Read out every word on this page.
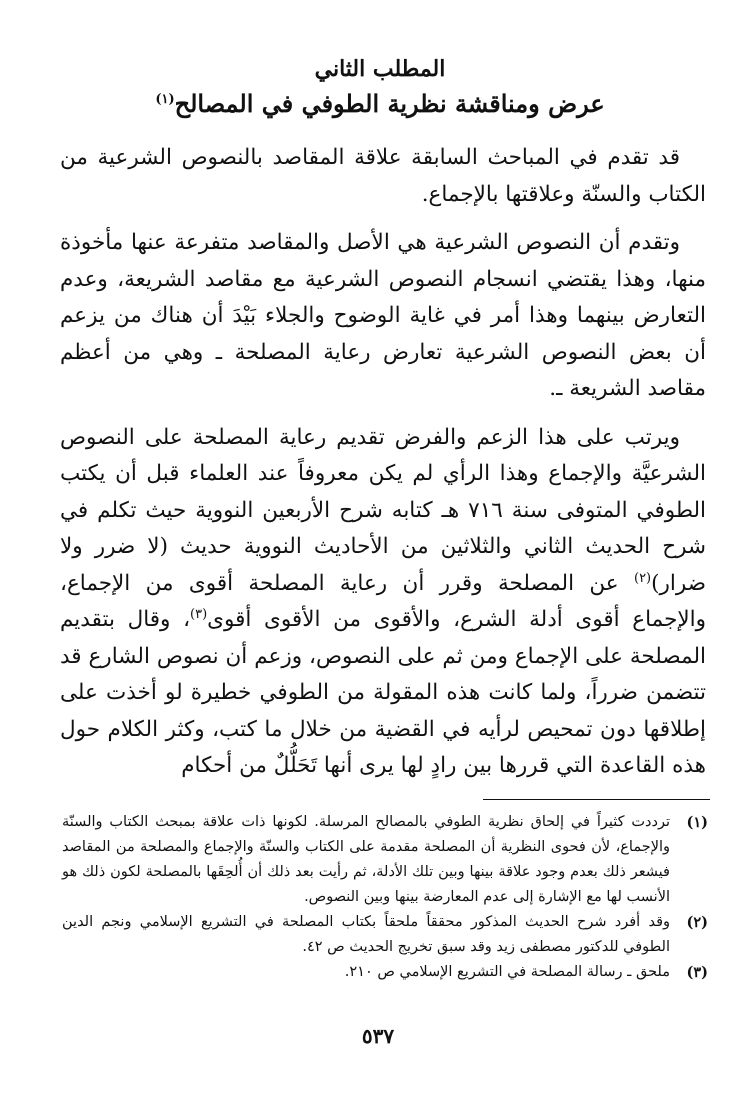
المطلب الثاني
عرض ومناقشة نظرية الطوفي في المصالح$^{(١)}$

قد تقدم في المباحث السابقة علاقة المقاصد بالنصوص الشرعية من الكتاب والسنّة وعلاقتها بالإجماع.

وتقدم أن النصوص الشرعية هي الأصل والمقاصد متفرعة عنها مأخوذة منها، وهذا يقتضي انسجام النصوص الشرعية مع مقاصد الشريعة، وعدم التعارض بينهما وهذا أمر في غاية الوضوح والجلاء بَيْدَ أن هناك من يزعم أن بعض النصوص الشرعية تعارض رعاية المصلحة ـ وهي من أعظم مقاصد الشريعة ـ.

ويرتب على هذا الزعم والفرض تقديم رعاية المصلحة على النصوص الشرعيَّة والإجماع وهذا الرأي لم يكن معروفاً عند العلماء قبل أن يكتب الطوفي المتوفى سنة ٧١٦ هـ كتابه شرح الأربعين النووية حيث تكلم في شرح الحديث الثاني والثلاثين من الأحاديث النووية حديث (لا ضرر ولا ضرار)$^{(٢)}$ عن المصلحة وقرر أن رعاية المصلحة أقوى من الإجماع، والإجماع أقوى أدلة الشرع، والأقوى من الأقوى أقوى$^{(٣)}$، وقال بتقديم المصلحة على الإجماع ومن ثم على النصوص، وزعم أن نصوص الشارع قد تتضمن ضرراً، ولما كانت هذه المقولة من الطوفي خطيرة لو أخذت على إطلاقها دون تمحيص لرأيه في القضية من خلال ما كتب، وكثر الكلام حول هذه القاعدة التي قررها بين رادٍ لها يرى أنها تَحَلُّلٌ من أحكام

(١)
ترددت كثيراً في إلحاق نظرية الطوفي بالمصالح المرسلة. لكونها ذات علاقة بمبحث الكتاب والسنّة والإجماع، لأن فحوى النظرية أن المصلحة مقدمة على الكتاب والسنّة والإجماع والمصلحة من المقاصد فيشعر ذلك بعدم وجود علاقة بينها وبين تلك الأدلة، ثم رأيت بعد ذلك أن أُلحِقَها بالمصلحة لكون ذلك هو الأنسب لها مع الإشارة إلى عدم المعارضة بينها وبين النصوص.
(٢)
وقد أفرد شرح الحديث المذكور محققاً ملحقاً بكتاب المصلحة في التشريع الإسلامي ونجم الدين الطوفي للدكتور مصطفى زيد وقد سبق تخريج الحديث ص ٤٢.
(٣)
ملحق ـ رسالة المصلحة في التشريع الإسلامي ص ٢١٠.
٥٣٧
